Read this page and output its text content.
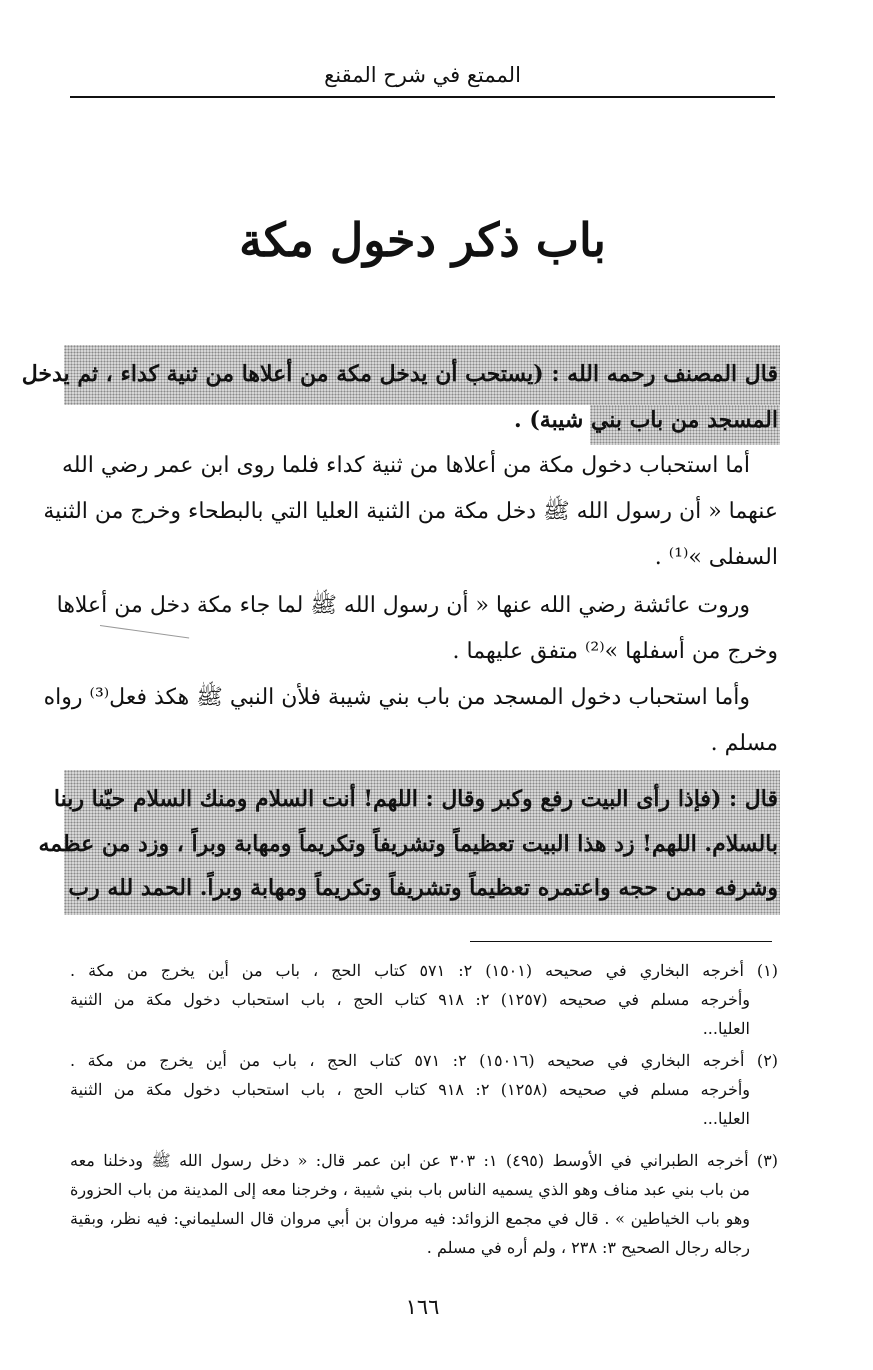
الممتع في شرح المقنع
باب ذكر دخول مكة
قال المصنف رحمه الله : (يستحب أن يدخل مكة من أعلاها من ثنية كداء ، ثم يدخل
المسجد من باب بني شيبة) .
أما استحباب دخول مكة من أعلاها من ثنية كداء فلما روى ابن عمر رضي الله
عنهما « أن رسول الله ﷺ دخل مكة من الثنية العليا التي بالبطحاء وخرج من الثنية
السفلى »⁽¹⁾ .
وروت عائشة رضي الله عنها « أن رسول الله ﷺ لما جاء مكة دخل من أعلاها
وخرج من أسفلها »⁽²⁾ متفق عليهما .
وأما استحباب دخول المسجد من باب بني شيبة فلأن النبي ﷺ هكذ فعل⁽³⁾ رواه
مسلم .
قال : (فإذا رأى البيت رفع وكبر وقال : اللهم! أنت السلام ومنك السلام حيّنا ربنا
بالسلام. اللهم! زد هذا البيت تعظيماً وتشريفاً وتكريماً ومهابة وبراً ، وزد من عظمه
وشرفه ممن حجه واعتمره تعظيماً وتشريفاً وتكريماً ومهابة وبراً. الحمد لله رب
(١) أخرجه البخاري في صحيحه (١٥٠١) ٢: ٥٧١ كتاب الحج ، باب من أين يخرج من مكة .
وأخرجه مسلم في صحيحه (١٢٥٧) ٢: ٩١٨ كتاب الحج ، باب استحباب دخول مكة من الثنية
العليا...
(٢) أخرجه البخاري في صحيحه (١٥٠١٦) ٢: ٥٧١ كتاب الحج ، باب من أين يخرج من مكة .
وأخرجه مسلم في صحيحه (١٢٥٨) ٢: ٩١٨ كتاب الحج ، باب استحباب دخول مكة من الثنية
العليا...
(٣) أخرجه الطبراني في الأوسط (٤٩٥) ١: ٣٠٣ عن ابن عمر قال: « دخل رسول الله ﷺ ودخلنا معه
من باب بني عبد مناف وهو الذي يسميه الناس باب بني شيبة ، وخرجنا معه إلى المدينة من باب الحزورة
وهو باب الخياطين » . قال في مجمع الزوائد: فيه مروان بن أبي مروان قال السليماني: فيه نظر، وبقية
رجاله رجال الصحيح ٣: ٢٣٨ ، ولم أره في مسلم .
١٦٦
